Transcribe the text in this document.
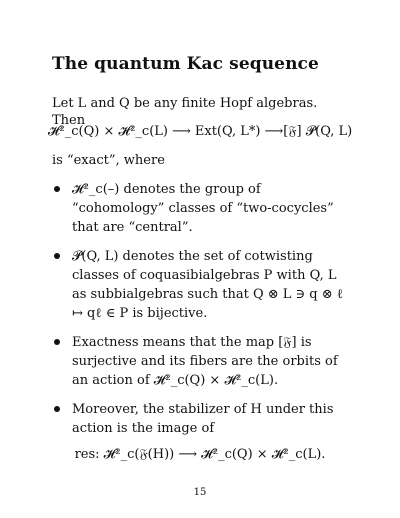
The quantum Kac sequence
Let L and Q be any finite Hopf algebras. Then
𝓗²_c(Q) × 𝓗²_c(L) ⟶ Ext(Q, L*) ⟶[𝔉] 𝓟(Q, L)
is “exact”, where
𝓗²_c(–) denotes the group of “cohomology” classes of “two-cocycles” that are “central”.
𝓟(Q, L) denotes the set of cotwisting classes of coquasibialgebras P with Q, L as subbialgebras such that Q ⊗ L ∋ q ⊗ ℓ ↦ qℓ ∈ P is bijective.
Exactness means that the map [𝔉] is surjective and its fibers are the orbits of an action of 𝓗²_c(Q) × 𝓗²_c(L).
Moreover, the stabilizer of H under this action is the image of
res: 𝓗²_c(𝔉(H)) ⟶ 𝓗²_c(Q) × 𝓗²_c(L).
15
